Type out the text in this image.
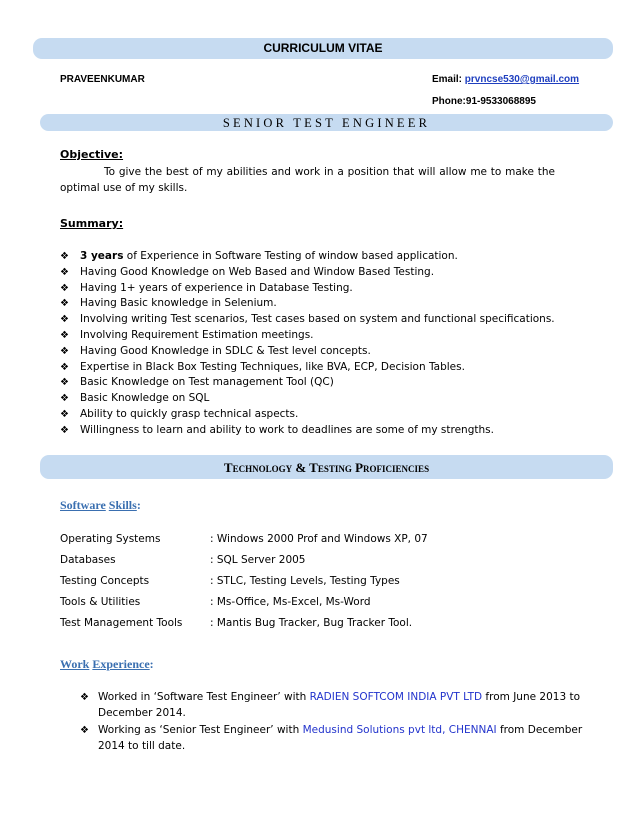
CURRICULUM VITAE
PRAVEENKUMAR	Email: prvncse530@gmail.com
Phone:91-9533068895
SENIOR TEST ENGINEER
Objective:
To give the best of my abilities and work in a position that will allow me to make the optimal use of my skills.
Summary:
❖ 3 years of Experience in Software Testing of window based application.
❖ Having Good Knowledge on Web Based and Window Based Testing.
❖ Having 1+ years of experience in Database Testing.
❖ Having Basic knowledge in Selenium.
❖ Involving writing Test scenarios, Test cases based on system and functional specifications.
❖ Involving Requirement Estimation meetings.
❖ Having Good Knowledge in SDLC & Test level concepts.
❖ Expertise in Black Box Testing Techniques, like BVA, ECP, Decision Tables.
❖ Basic Knowledge on Test management Tool (QC)
❖ Basic Knowledge on SQL
❖ Ability to quickly grasp technical aspects.
❖ Willingness to learn and ability to work to deadlines are some of my strengths.
Technology & Testing Proficiencies
Software Skills:
Operating Systems	: Windows 2000 Prof and Windows XP, 07
Databases	: SQL Server 2005
Testing Concepts	: STLC, Testing Levels, Testing Types
Tools & Utilities	: Ms-Office, Ms-Excel, Ms-Word
Test Management Tools	: Mantis Bug Tracker, Bug Tracker Tool.
Work Experience:
❖ Worked in ‘Software Test Engineer’ with RADIEN SOFTCOM INDIA PVT LTD from June 2013 to December 2014.
❖ Working as ‘Senior Test Engineer’ with Medusind Solutions pvt ltd, CHENNAI from December 2014 to till date.
